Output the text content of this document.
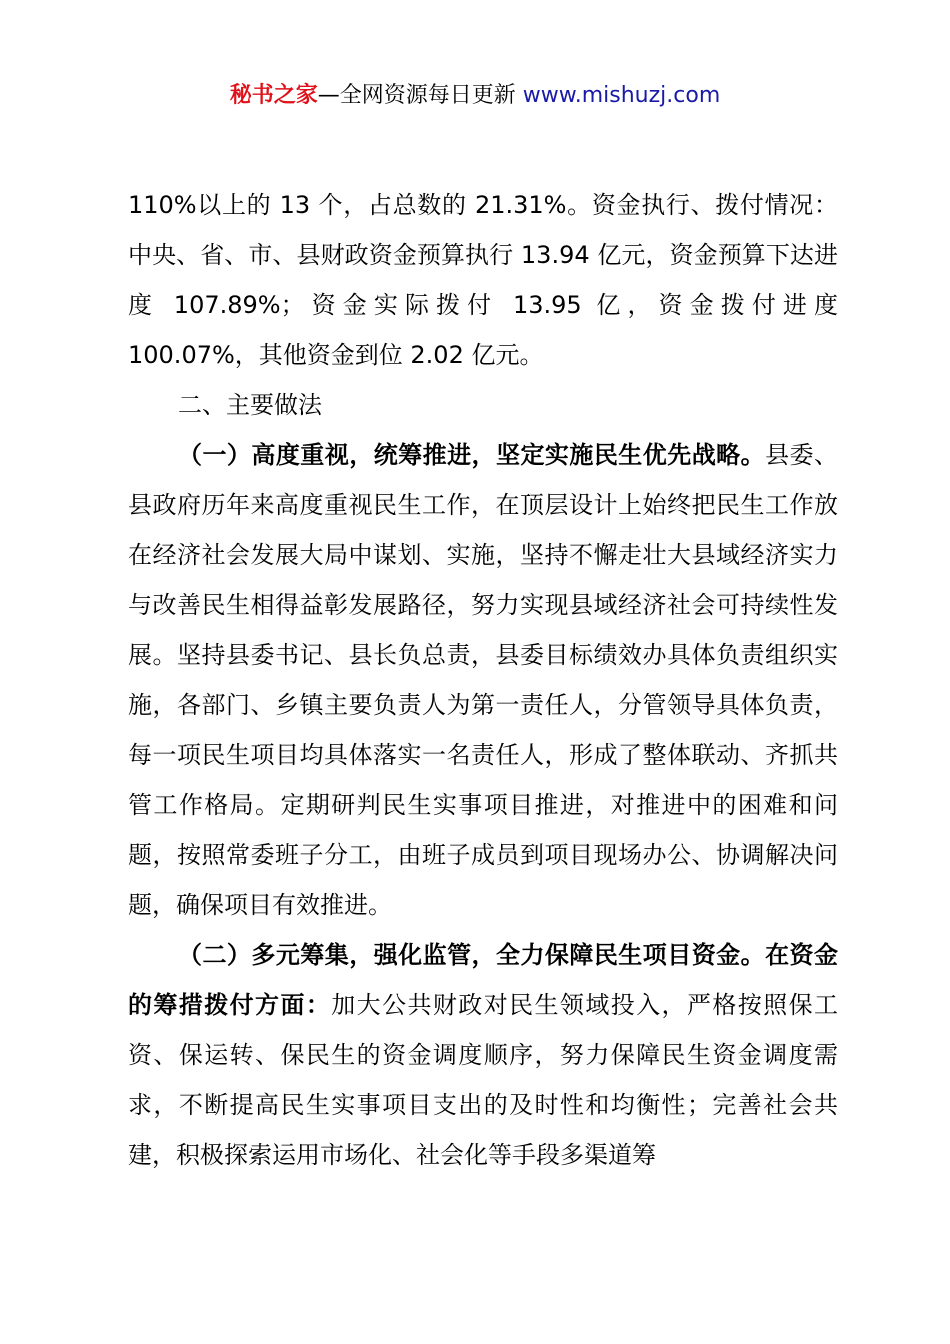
秘书之家—全网资源每日更新 www.mishuzj.com

110%以上的 13 个，占总数的 21.31%。资金执行、拨付情况：中央、省、市、县财政资金预算执行 13.94 亿元，资金预算下达进度 107.89%；资金实际拨付 13.95 亿，资金拨付进度 100.07%，其他资金到位 2.02 亿元。

二、主要做法

（一）高度重视，统筹推进，坚定实施民生优先战略。县委、县政府历年来高度重视民生工作，在顶层设计上始终把民生工作放在经济社会发展大局中谋划、实施，坚持不懈走壮大县域经济实力与改善民生相得益彰发展路径，努力实现县域经济社会可持续性发展。坚持县委书记、县长负总责，县委目标绩效办具体负责组织实施，各部门、乡镇主要负责人为第一责任人，分管领导具体负责，每一项民生项目均具体落实一名责任人，形成了整体联动、齐抓共管工作格局。定期研判民生实事项目推进，对推进中的困难和问题，按照常委班子分工，由班子成员到项目现场办公、协调解决问题，确保项目有效推进。

（二）多元筹集，强化监管，全力保障民生项目资金。在资金的筹措拨付方面：加大公共财政对民生领域投入，严格按照保工资、保运转、保民生的资金调度顺序，努力保障民生资金调度需求，不断提高民生实事项目支出的及时性和均衡性；完善社会共建，积极探索运用市场化、社会化等手段多渠道筹
